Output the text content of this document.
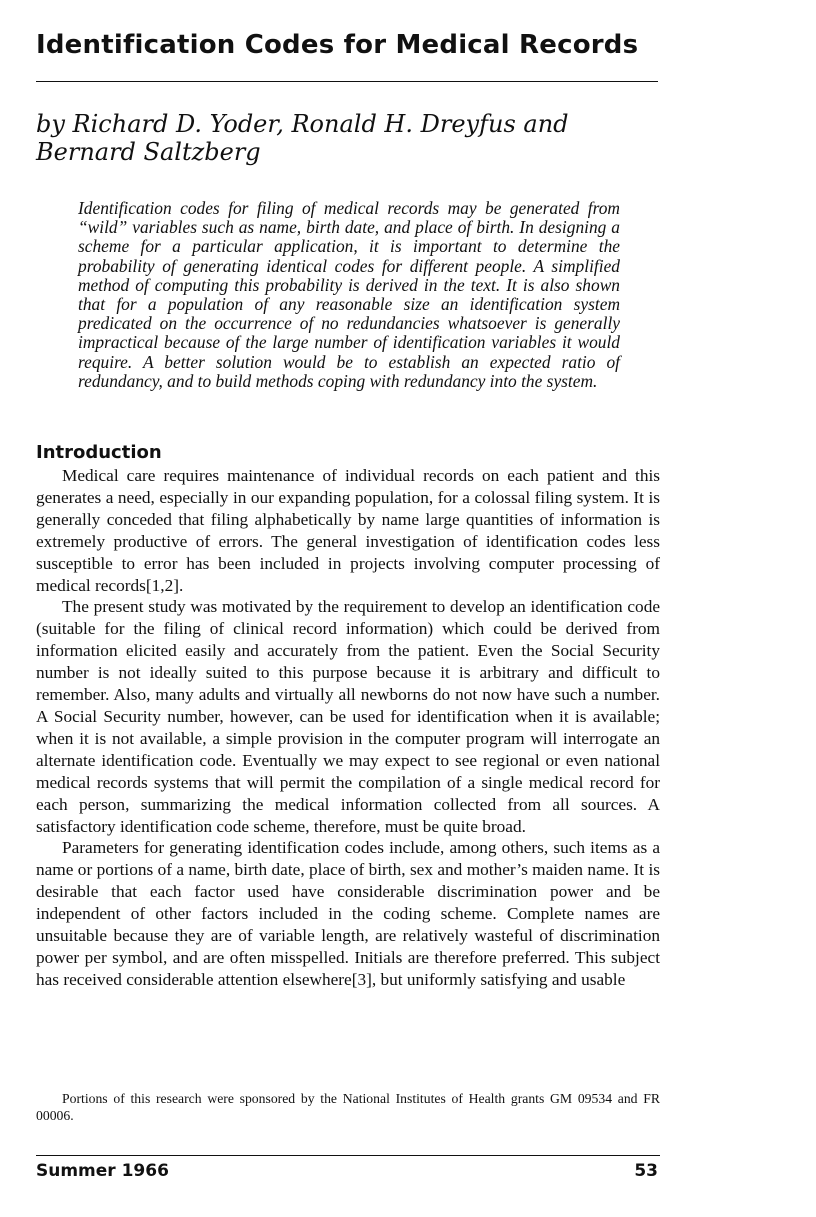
Identification Codes for Medical Records

by Richard D. Yoder, Ronald H. Dreyfus and Bernard Saltzberg

Identification codes for filing of medical records may be generated from “wild” variables such as name, birth date, and place of birth. In designing a scheme for a particular application, it is important to determine the probability of generating identical codes for different people. A simplified method of computing this probability is derived in the text. It is also shown that for a population of any reasonable size an identification system predicated on the occurrence of no redundancies whatsoever is generally impractical because of the large number of identification variables it would require. A better solution would be to establish an expected ratio of redundancy, and to build methods coping with redundancy into the system.

Introduction

Medical care requires maintenance of individual records on each patient and this generates a need, especially in our expanding population, for a colossal filing system. It is generally conceded that filing alphabetically by name large quantities of information is extremely productive of errors. The general investigation of identification codes less susceptible to error has been included in projects involving computer processing of medical records[1,2].

The present study was motivated by the requirement to develop an identification code (suitable for the filing of clinical record information) which could be derived from information elicited easily and accurately from the patient. Even the Social Security number is not ideally suited to this purpose because it is arbitrary and difficult to remember. Also, many adults and virtually all newborns do not now have such a number. A Social Security number, however, can be used for identification when it is available; when it is not available, a simple provision in the computer program will interrogate an alternate identification code. Eventually we may expect to see regional or even national medical records systems that will permit the compilation of a single medical record for each person, summarizing the medical information collected from all sources. A satisfactory identification code scheme, therefore, must be quite broad.

Parameters for generating identification codes include, among others, such items as a name or portions of a name, birth date, place of birth, sex and mother’s maiden name. It is desirable that each factor used have considerable discrimination power and be independent of other factors included in the coding scheme. Complete names are unsuitable because they are of variable length, are relatively wasteful of discrimination power per symbol, and are often misspelled. Initials are therefore preferred. This subject has received considerable attention elsewhere[3], but uniformly satisfying and usable

Portions of this research were sponsored by the National Institutes of Health grants GM 09534 and FR 00006.

Summer 1966	53
